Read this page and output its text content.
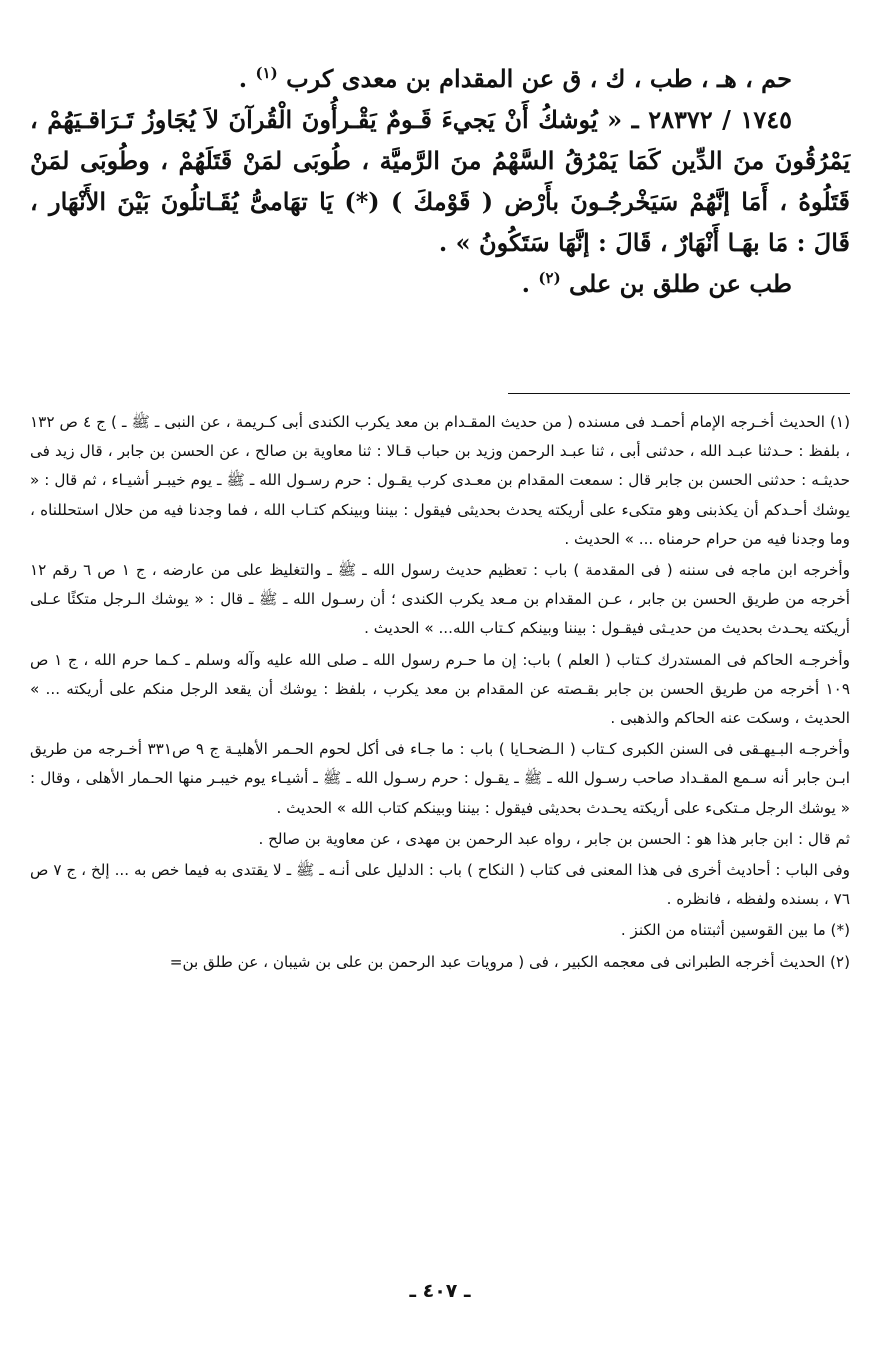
حم ، هـ ، طب ، ك ، ق عن المقدام بن معدى كرب $^{(١)}$ .

١٧٤٥ / ٢٨٣٧٢ ـ « يُوشكُ أَنْ يَجيءَ قَـومٌ يَقْـرأُونَ الْقُرآنَ لاَ يُجَاوزُ تَـرَاقـيَهُمْ ، يَمْرُقُونَ منَ الدِّين كَمَا يَمْرُقُ السَّهْمُ منَ الرَّميَّة ، طُوبَى لمَنْ قَتَلَهُمْ ، وطُوبَى لمَنْ قَتَلُوهُ ، أَمَا إنَّهُمْ سَيَخْرجُـونَ بأَرْض ( قَوْمكَ ) (*) يَا تهَامىُّ يُقَـاتلُونَ بَيْنَ الأَنْهَار ، قَالَ : مَا بهَـا أَنْهَارٌ ، قَالَ : إنَّهَا سَتَكُونُ » .

طب عن طلق بن على $^{(٢)}$ .

(١) الحديث أخـرجه الإمام أحمـد فى مسنده ( من حديث المقـدام بن معد يكرب الكندى أبى كـريمة ، عن النبى ـ ﷺ ـ ) ج ٤ ص ١٣٢ ، بلفظ : حـدثنا عبـد الله ، حدثنى أبى ، ثنا عبـد الرحمن وزيد بن حباب قـالا : ثنا معاوية بن صالح ، عن الحسن بن جابر ، قال زيد فى حديثـه : حدثنى الحسن بن جابر قال : سمعت المقدام بن معـدى كرب يقـول : حرم رسـول الله ـ ﷺ ـ يوم خيبـر أشيـاء ، ثم قال : « يوشك أحـدكم أن يكذبنى وهو متكىء على أريكته يحدث بحديثى فيقول : بيننا وبينكم كتـاب الله ، فما وجدنا فيه من حلال استحللناه ، وما وجدنا فيه من حرام حرمناه ... » الحديث .

وأخرجه ابن ماجه فى سننه ( فى المقدمة ) باب : تعظيم حديث رسول الله ـ ﷺ ـ والتغليظ على من عارضه ، ج ١ ص ٦ رقم ١٢ أخرجه من طريق الحسن بن جابر ، عـن المقدام بن مـعد يكرب الكندى ؛ أن رسـول الله ـ ﷺ ـ قال : « يوشك الـرجل متكئًا عـلى أريكته يحـدث بحديث من حديـثى فيقـول : بيننا وبينكم كـتاب الله... » الحديث .

وأخرجـه الحاكم فى المستدرك كـتاب ( العلم ) باب: إن ما حـرم رسول الله ـ صلى الله عليه وآله وسلم ـ كـما حرم الله ، ج ١ ص ١٠٩ أخرجه من طريق الحسن بن جابر بقـصته عن المقدام بن معد يكرب ، بلفظ : يوشك أن يقعد الرجل منكم على أريكته ... » الحديث ، وسكت عنه الحاكم والذهبى .

وأخرجـه البـيهـقى فى السنن الكبرى كـتاب ( الـضحـايا ) باب : ما جـاء فى أكل لحوم الحـمر الأهليـة ج ٩ ص٣٣١ أخـرجه من طريق ابـن جابر أنه سـمع المقـداد صاحب رسـول الله ـ ﷺ ـ يقـول : حرم رسـول الله ـ ﷺ ـ أشيـاء يوم خيبـر منها الحـمار الأهلى ، وقال : « يوشك الرجل مـتكىء على أريكته يحـدث بحديثى فيقول : بيننا وبينكم كتاب الله » الحديث .

ثم قال : ابن جابر هذا هو : الحسن بن جابر ، رواه عبد الرحمن بن مهدى ، عن معاوية بن صالح .

وفى الباب : أحاديث أخرى فى هذا المعنى فى كتاب ( النكاح ) باب : الدليل على أنـه ـ ﷺ ـ لا يقتدى به فيما خص به ... إلخ ، ج ٧ ص ٧٦ ، بسنده ولفظه ، فانظره .

(*) ما بين القوسين أثبتناه من الكنز .

(٢) الحديث أخرجه الطبرانى فى معجمه الكبير ، فى ( مرويات عبد الرحمن بن على بن شيبان ، عن طلق بن=

ـ ٤٠٧ ـ
